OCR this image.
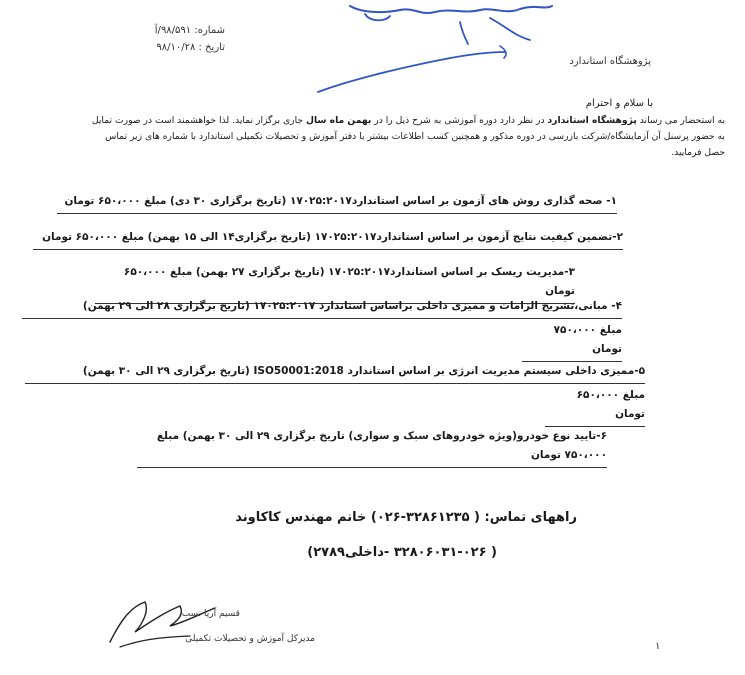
شماره: ۹۸/۵۹۱/آ
تاریخ : ۹۸/۱۰/۲۸
پژوهشگاه استاندارد
با سلام و احترام
به استحضار می رساند پژوهشگاه استاندارد در نظر دارد دوره آموزشی به شرح ذیل را در بهمن ماه سال جاری برگزار نماید. لذا خواهشمند است در صورت تمایل به حضور پرسنل آن آزمایشگاه/شرکت بازرسی در دوره مذکور و همچنین کسب اطلاعات بیشتر با دفتر آموزش و تحصیلات تکمیلی استاندارد با شماره های زیر تماس حصل فرمایید.
۱- صحه گذاری روش های آزمون بر اساس استاندارد۱۷۰۲۵:۲۰۱۷ (تاریخ برگزاری ۳۰ دی) مبلغ ۶۵۰،۰۰۰ تومان
۲-تضمین کیفیت نتایج آزمون بر اساس استاندارد۱۷۰۲۵:۲۰۱۷ (تاریخ برگزاری۱۴ الی ۱۵ بهمن) مبلغ ۶۵۰،۰۰۰ تومان
۳-مدیریت ریسک بر اساس استاندارد۱۷۰۲۵:۲۰۱۷ (تاریخ برگزاری ۲۷ بهمن) مبلغ ۶۵۰،۰۰۰ تومان
۴- مبانی،تشریح الزامات و ممیزی داخلی براساس استاندارد ۱۷۰۲۵:۲۰۱۷ (تاریخ برگزاری ۲۸ الی ۲۹ بهمن)
مبلغ ۷۵۰،۰۰۰ تومان
۵-ممیزی داخلی سیستم مدیریت انرژی بر اساس استاندارد ISO50001:2018 (تاریخ برگزاری ۲۹ الی ۳۰ بهمن)
مبلغ ۶۵۰،۰۰۰ تومان
۶-تایید نوع خودرو(ویژه خودروهای سبک و سواری) تاریخ برگزاری ۲۹ الی ۳۰ بهمن) مبلغ ۷۵۰،۰۰۰ تومان
راههای تماس: ( ۳۲۸۶۱۲۳۵-۰۲۶) خانم مهندس کاکاوند
( ۳۲۸۰۶۰۳۱-۰۲۶ -داخلی۲۷۸۹)
قسیم آریا نسب
مدیرکل آموزش و تحصیلات تکمیلی
۱
